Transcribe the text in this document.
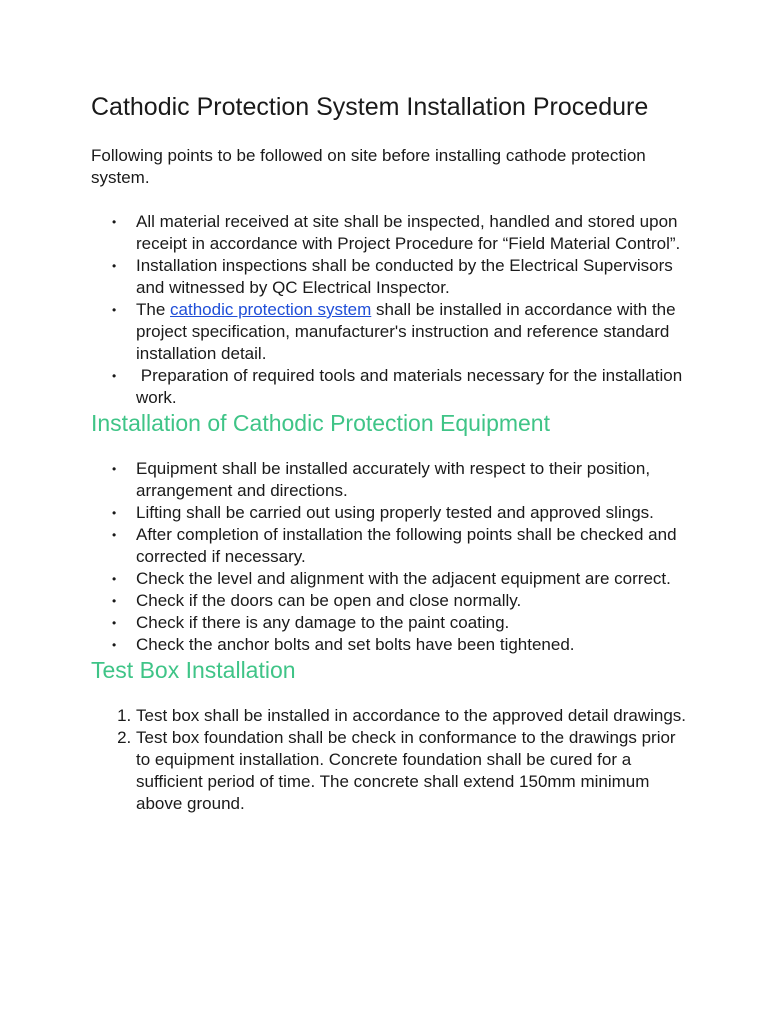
Cathodic Protection System Installation Procedure

Following points to be followed on site before installing cathode protection system.

• All material received at site shall be inspected, handled and stored upon receipt in accordance with Project Procedure for “Field Material Control”.
• Installation inspections shall be conducted by the Electrical Supervisors and witnessed by QC Electrical Inspector.
• The cathodic protection system shall be installed in accordance with the project specification, manufacturer's instruction and reference standard installation detail.
• Preparation of required tools and materials necessary for the installation work.
Installation of Cathodic Protection Equipment
• Equipment shall be installed accurately with respect to their position, arrangement and directions.
• Lifting shall be carried out using properly tested and approved slings.
• After completion of installation the following points shall be checked and corrected if necessary.
• Check the level and alignment with the adjacent equipment are correct.
• Check if the doors can be open and close normally.
• Check if there is any damage to the paint coating.
• Check the anchor bolts and set bolts have been tightened.
Test Box Installation
1. Test box shall be installed in accordance to the approved detail drawings.
2. Test box foundation shall be check in conformance to the drawings prior to equipment installation. Concrete foundation shall be cured for a sufficient period of time. The concrete shall extend 150mm minimum above ground.
